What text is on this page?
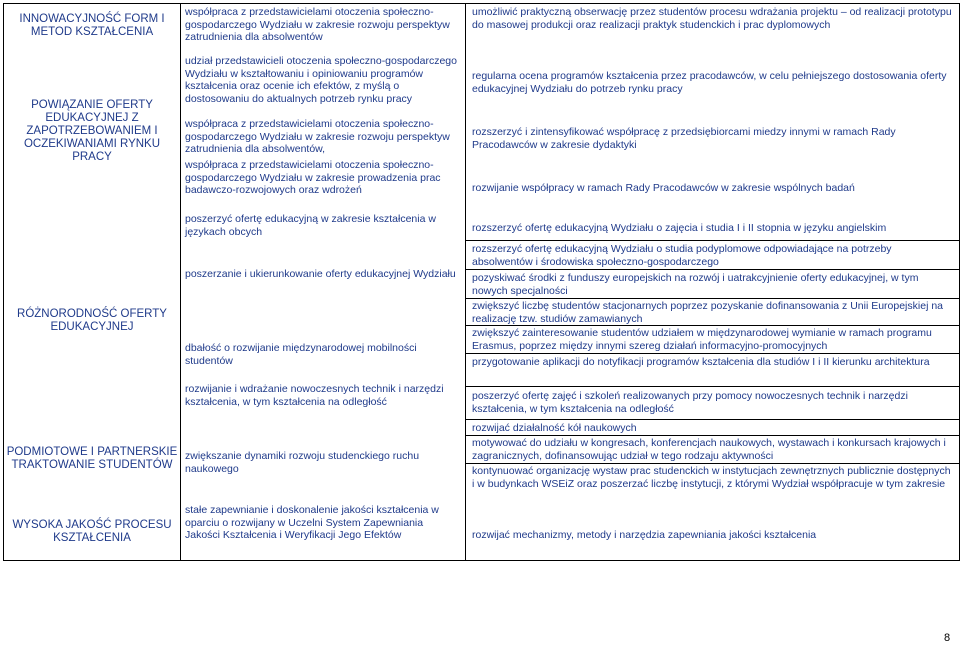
INNOWACYJNOŚĆ FORM I METOD KSZTAŁCENIA
POWIĄZANIE OFERTY EDUKACYJNEJ Z ZAPOTRZEBOWANIEM I OCZEKIWANIAMI RYNKU PRACY
RÓŻNORODNOŚĆ OFERTY EDUKACYJNEJ
PODMIOTOWE I PARTNERSKIE TRAKTOWANIE STUDENTÓW
WYSOKA JAKOŚĆ PROCESU KSZTAŁCENIA

współpraca z przedstawicielami otoczenia społeczno-gospodarczego Wydziału w zakresie rozwoju perspektyw zatrudnienia dla absolwentów

udział przedstawicieli otoczenia społeczno-gospodarczego Wydziału w kształtowaniu i opiniowaniu programów kształcenia oraz ocenie ich efektów, z myślą o dostosowaniu do aktualnych potrzeb rynku pracy

współpraca z przedstawicielami otoczenia społeczno-gospodarczego Wydziału w zakresie rozwoju perspektyw zatrudnienia dla absolwentów,

współpraca z przedstawicielami otoczenia społeczno-gospodarczego Wydziału w zakresie prowadzenia prac badawczo-rozwojowych oraz wdrożeń

poszerzyć ofertę edukacyjną w zakresie kształcenia w językach obcych

poszerzanie i ukierunkowanie oferty edukacyjnej Wydziału

dbałość o rozwijanie międzynarodowej mobilności studentów

rozwijanie i wdrażanie nowoczesnych technik i narzędzi kształcenia, w tym kształcenia na odległość

zwiększanie dynamiki rozwoju studenckiego ruchu naukowego

stałe zapewnianie i doskonalenie jakości kształcenia w oparciu o rozwijany w Uczelni System Zapewniania Jakości Kształcenia i Weryfikacji Jego Efektów

umożliwić praktyczną obserwację przez studentów procesu wdrażania projektu – od realizacji prototypu do masowej produkcji oraz realizacji praktyk studenckich i prac dyplomowych

regularna ocena programów kształcenia przez pracodawców, w celu pełniejszego dostosowania oferty edukacyjnej Wydziału do potrzeb rynku pracy

rozszerzyć i zintensyfikować współpracę z przedsiębiorcami miedzy innymi w ramach Rady Pracodawców w zakresie dydaktyki

rozwijanie współpracy w ramach Rady Pracodawców w zakresie wspólnych badań

rozszerzyć ofertę edukacyjną Wydziału o zajęcia i studia I i II stopnia w języku angielskim

rozszerzyć ofertę edukacyjną Wydziału o studia podyplomowe odpowiadające na potrzeby absolwentów i środowiska społeczno-gospodarczego

pozyskiwać środki z funduszy europejskich na rozwój i uatrakcyjnienie oferty edukacyjnej, w tym nowych specjalności

zwiększyć liczbę studentów stacjonarnych poprzez pozyskanie dofinansowania z Unii Europejskiej na realizację tzw. studiów zamawianych

zwiększyć zainteresowanie studentów udziałem w międzynarodowej wymianie w ramach programu Erasmus, poprzez między innymi szereg działań informacyjno-promocyjnych

przygotowanie aplikacji do notyfikacji programów kształcenia dla studiów I i II kierunku architektura

poszerzyć ofertę zajęć i szkoleń realizowanych przy pomocy nowoczesnych technik i narzędzi kształcenia, w tym kształcenia na odległość

rozwijać działalność kół naukowych

motywować do udziału w kongresach, konferencjach naukowych, wystawach i konkursach krajowych i zagranicznych, dofinansowując udział w tego rodzaju aktywności

kontynuować organizację wystaw prac studenckich w instytucjach zewnętrznych publicznie dostępnych i w budynkach WSEiZ oraz poszerzać liczbę instytucji, z którymi Wydział współpracuje w tym zakresie

rozwijać mechanizmy, metody i narzędzia zapewniania jakości kształcenia

8
